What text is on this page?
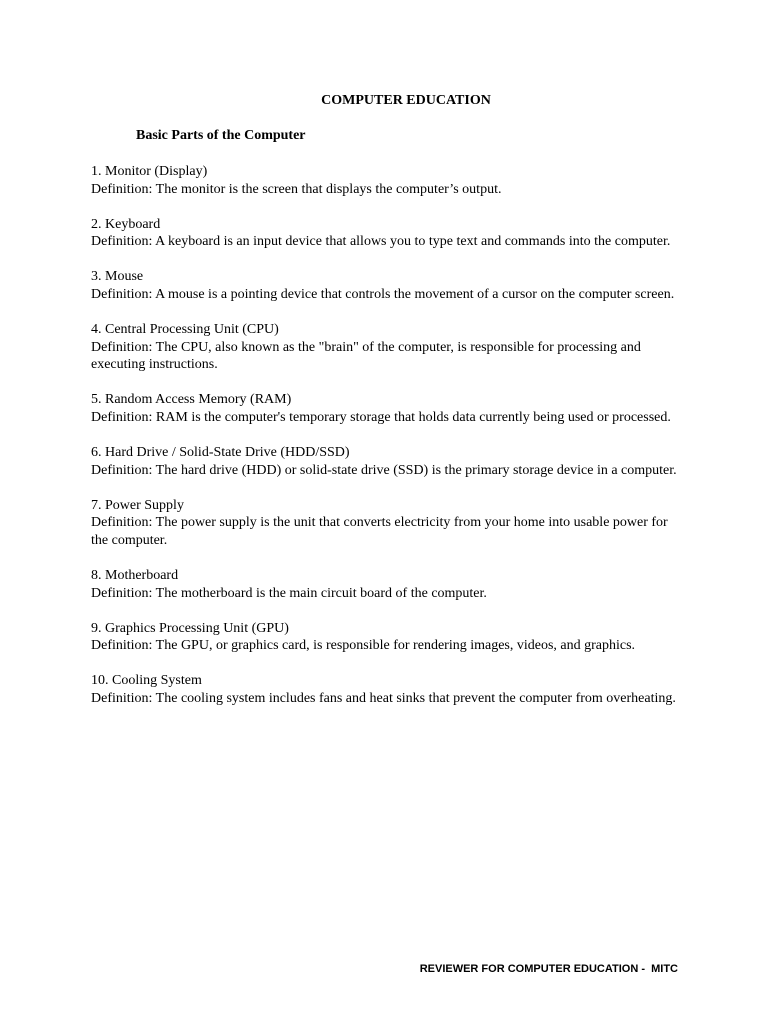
COMPUTER EDUCATION
Basic Parts of the Computer
1. Monitor (Display)
Definition: The monitor is the screen that displays the computer’s output.
2. Keyboard
Definition: A keyboard is an input device that allows you to type text and commands into the computer.
3. Mouse
Definition: A mouse is a pointing device that controls the movement of a cursor on the computer screen.
4. Central Processing Unit (CPU)
Definition: The CPU, also known as the "brain" of the computer, is responsible for processing and executing instructions.
5. Random Access Memory (RAM)
Definition: RAM is the computer's temporary storage that holds data currently being used or processed.
6. Hard Drive / Solid-State Drive (HDD/SSD)
Definition: The hard drive (HDD) or solid-state drive (SSD) is the primary storage device in a computer.
7. Power Supply
Definition: The power supply is the unit that converts electricity from your home into usable power for the computer.
8. Motherboard
Definition: The motherboard is the main circuit board of the computer.
9. Graphics Processing Unit (GPU)
Definition: The GPU, or graphics card, is responsible for rendering images, videos, and graphics.
10. Cooling System
Definition: The cooling system includes fans and heat sinks that prevent the computer from overheating.
REVIEWER FOR COMPUTER EDUCATION -  MITC
